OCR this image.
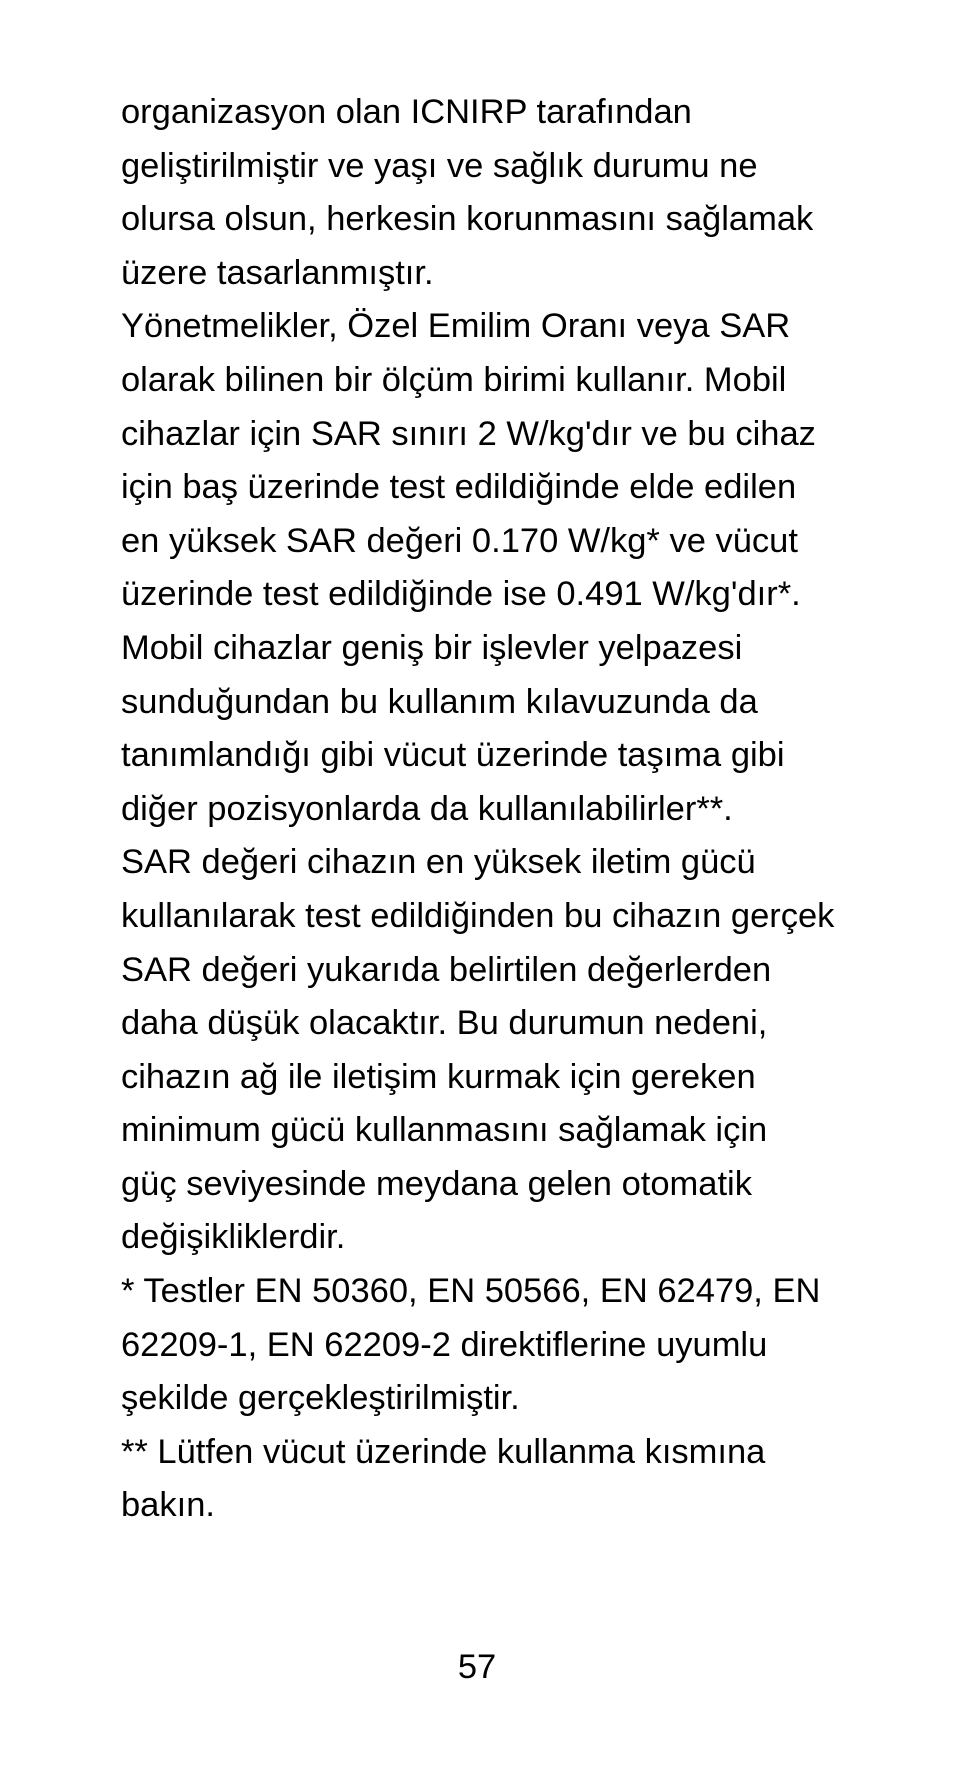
organizasyon olan ICNIRP tarafından
geliştirilmiştir ve yaşı ve sağlık durumu ne
olursa olsun, herkesin korunmasını sağlamak
üzere tasarlanmıştır.
Yönetmelikler, Özel Emilim Oranı veya SAR
olarak bilinen bir ölçüm birimi kullanır. Mobil
cihazlar için SAR sınırı 2 W/kg'dır ve bu cihaz
için baş üzerinde test edildiğinde elde edilen
en yüksek SAR değeri 0.170 W/kg* ve vücut
üzerinde test edildiğinde ise 0.491 W/kg'dır*.
Mobil cihazlar geniş bir işlevler yelpazesi
sunduğundan bu kullanım kılavuzunda da
tanımlandığı gibi vücut üzerinde taşıma gibi
diğer pozisyonlarda da kullanılabilirler**.
SAR değeri cihazın en yüksek iletim gücü
kullanılarak test edildiğinden bu cihazın gerçek
SAR değeri yukarıda belirtilen değerlerden
daha düşük olacaktır. Bu durumun nedeni,
cihazın ağ ile iletişim kurmak için gereken
minimum gücü kullanmasını sağlamak için
güç seviyesinde meydana gelen otomatik
değişikliklerdir.
* Testler EN 50360, EN 50566, EN 62479, EN
62209-1, EN 62209-2 direktiflerine uyumlu
şekilde gerçekleştirilmiştir.
** Lütfen vücut üzerinde kullanma kısmına
bakın.
57
